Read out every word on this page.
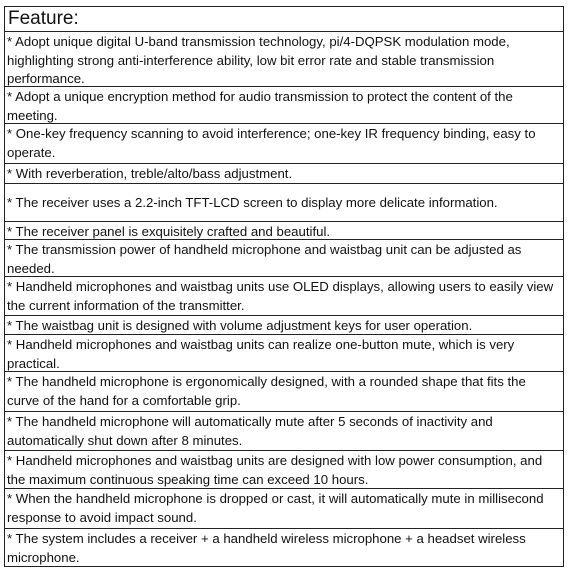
Feature:
* Adopt unique digital U-band transmission technology, pi/4-DQPSK modulation mode, highlighting strong anti-interference ability, low bit error rate and stable transmission performance.
* Adopt a unique encryption method for audio transmission to protect the content of the meeting.
* One-key frequency scanning to avoid interference; one-key IR frequency binding, easy to operate.
* With reverberation, treble/alto/bass adjustment.
* The receiver uses a 2.2-inch TFT-LCD screen to display more delicate information.
* The receiver panel is exquisitely crafted and beautiful.
* The transmission power of handheld microphone and waistbag unit can be adjusted as needed.
* Handheld microphones and waistbag units use OLED displays, allowing users to easily view the current information of the transmitter.
* The waistbag unit is designed with volume adjustment keys for user operation.
* Handheld microphones and waistbag units can realize one-button mute, which is very practical.
* The handheld microphone is ergonomically designed, with a rounded shape that fits the curve of the hand for a comfortable grip.
* The handheld microphone will automatically mute after 5 seconds of inactivity and automatically shut down after 8 minutes.
* Handheld microphones and waistbag units are designed with low power consumption, and the maximum continuous speaking time can exceed 10 hours.
* When the handheld microphone is dropped or cast, it will automatically mute in millisecond response to avoid impact sound.
* The system includes a receiver + a handheld wireless microphone + a headset wireless microphone.
